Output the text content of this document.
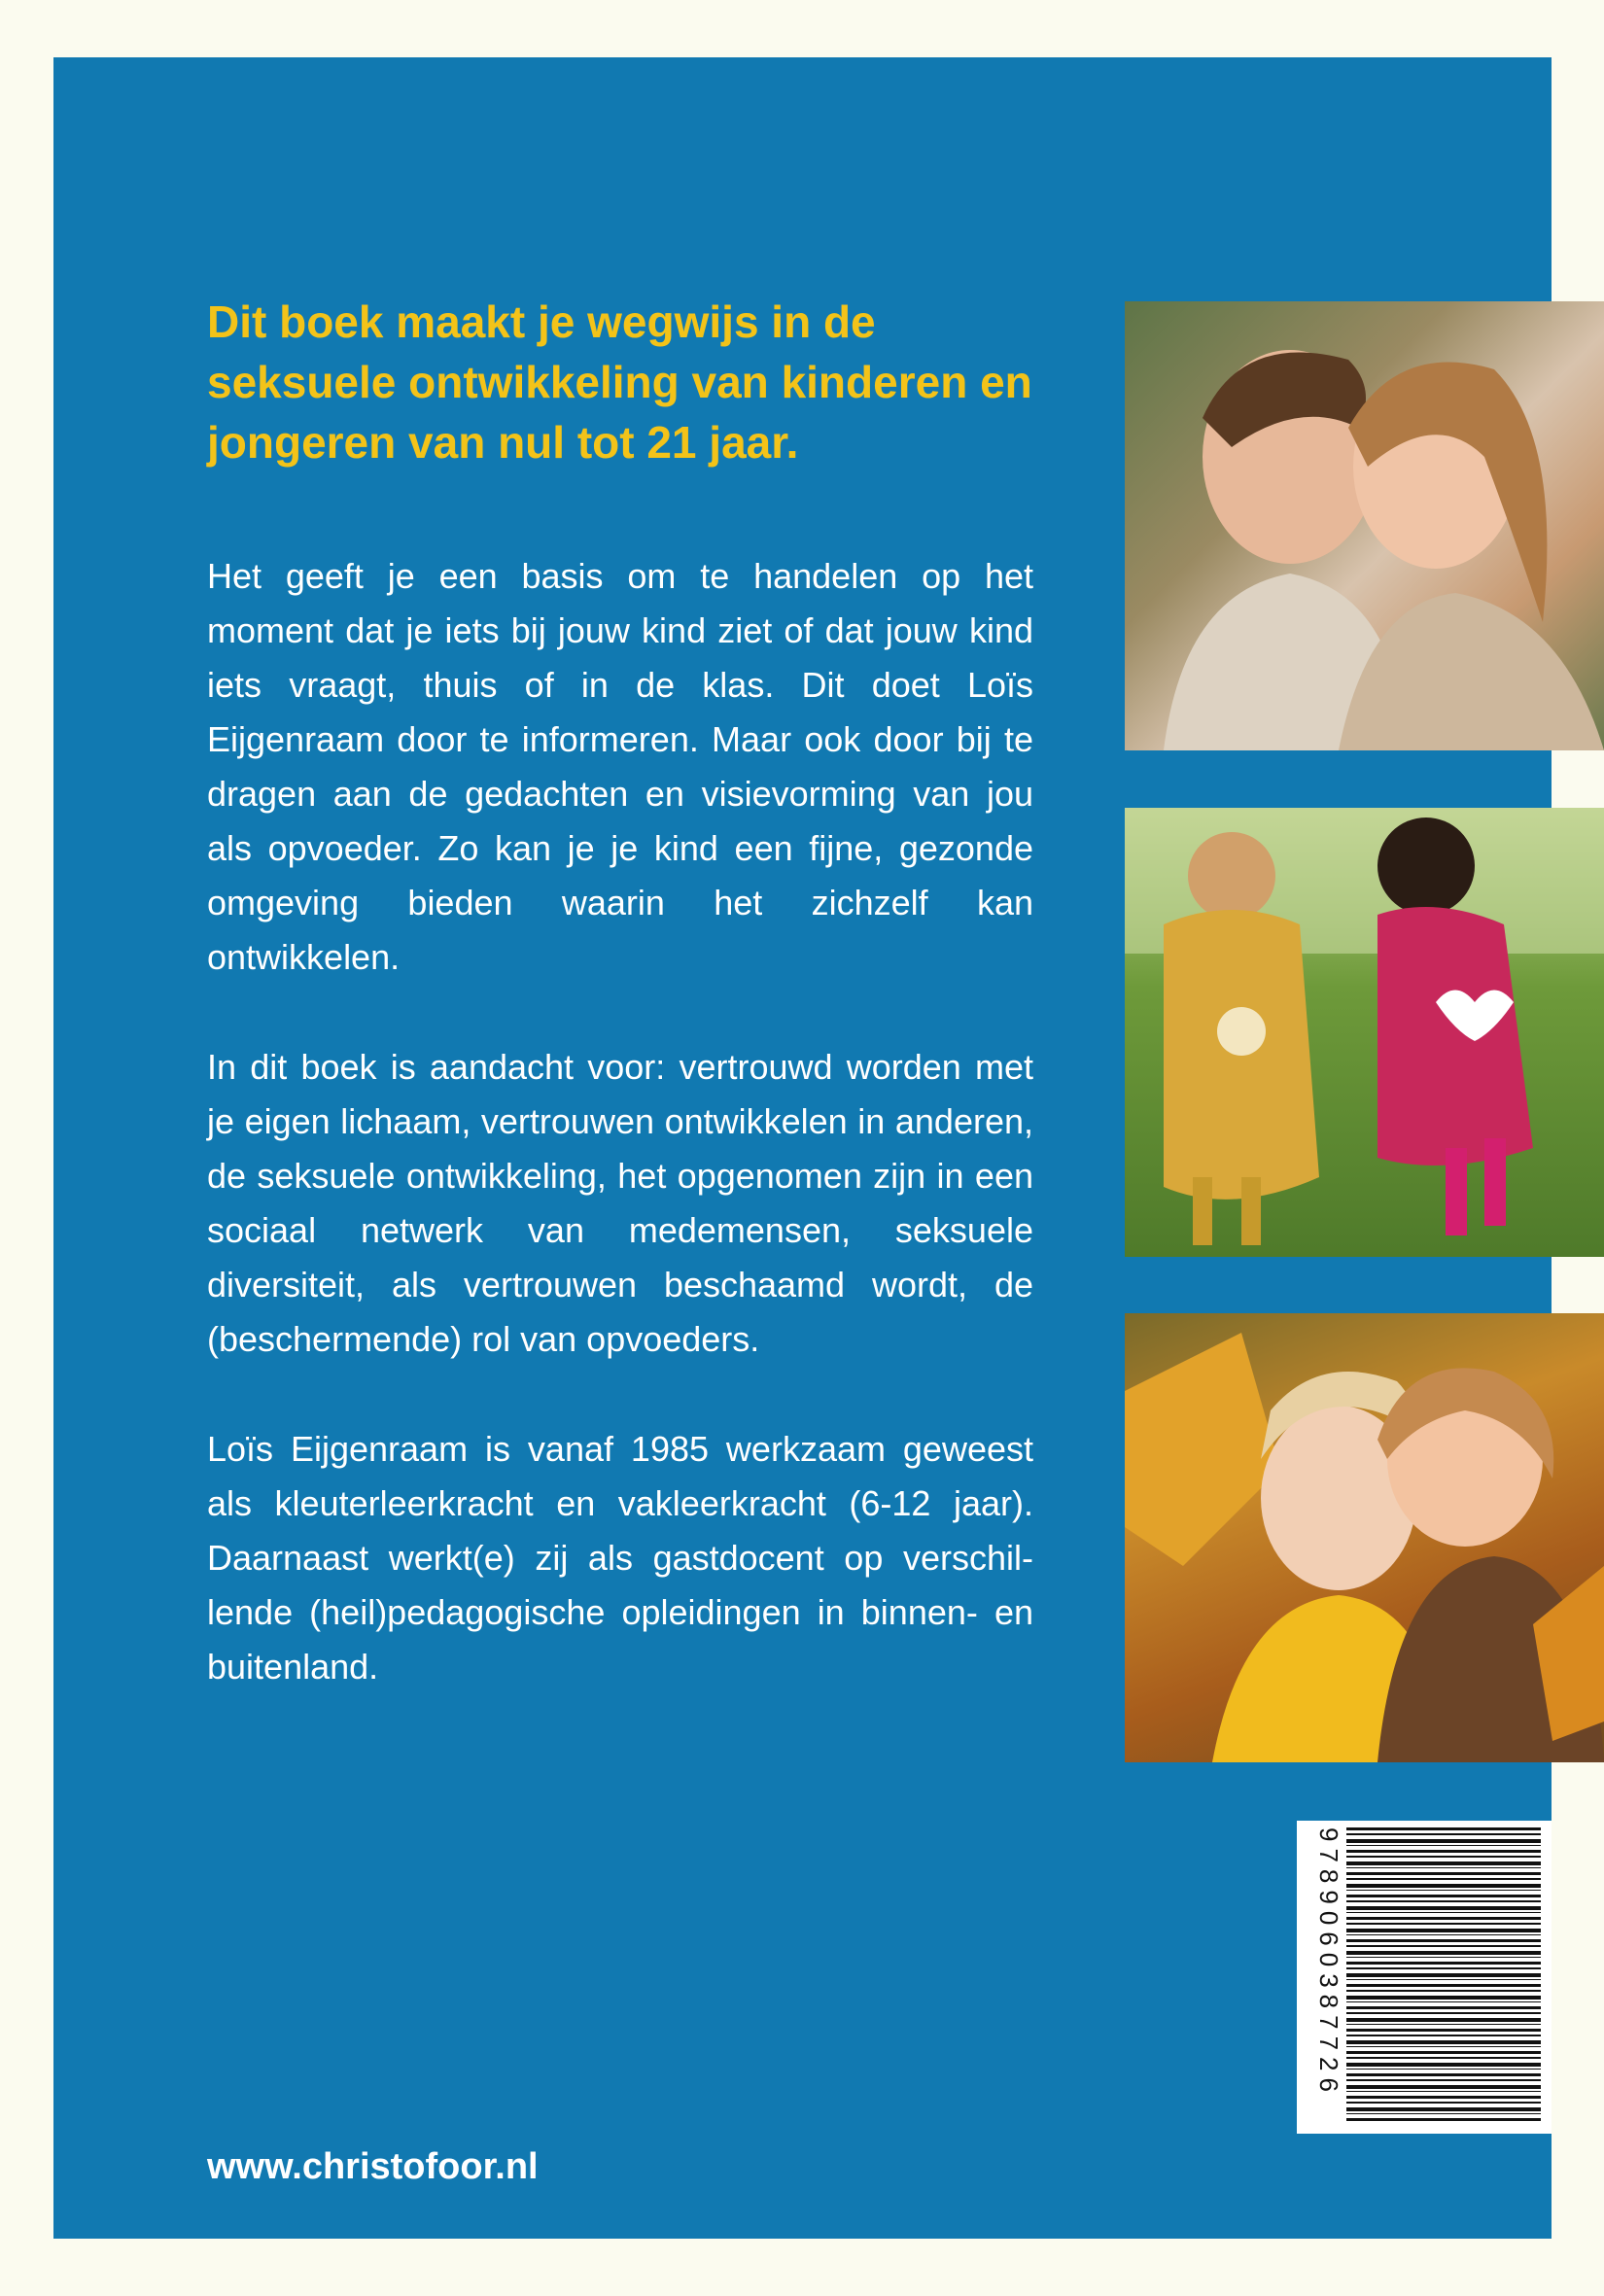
Dit boek maakt je wegwijs in de seksuele ontwikkeling van kinderen en jongeren van nul tot 21 jaar.

Het geeft je een basis om te handelen op het moment dat je iets bij jouw kind ziet of dat jouw kind iets vraagt, thuis of in de klas. Dit doet Loïs Eijgenraam door te informeren. Maar ook door bij te dragen aan de gedachten en visievorming van jou als opvoeder. Zo kan je je kind een fijne, gezonde omgeving bieden waarin het zichzelf kan ontwikkelen.

In dit boek is aandacht voor: vertrouwd worden met je eigen lichaam, vertrouwen ontwikkelen in anderen, de seksuele ontwikkeling, het opgenomen zijn in een sociaal netwerk van medemensen, seksuele diversiteit, als vertrouwen beschaamd wordt, de (beschermende) rol van opvoeders.

Loïs Eijgenraam is vanaf 1985 werkzaam geweest als kleuterleerkracht en vakleerkracht (6-12 jaar). Daarnaast werkt(e) zij als gastdocent op verschillende (heil)pedagogische opleidingen in binnen- en buitenland.

www.christofoor.nl
9789060387726
